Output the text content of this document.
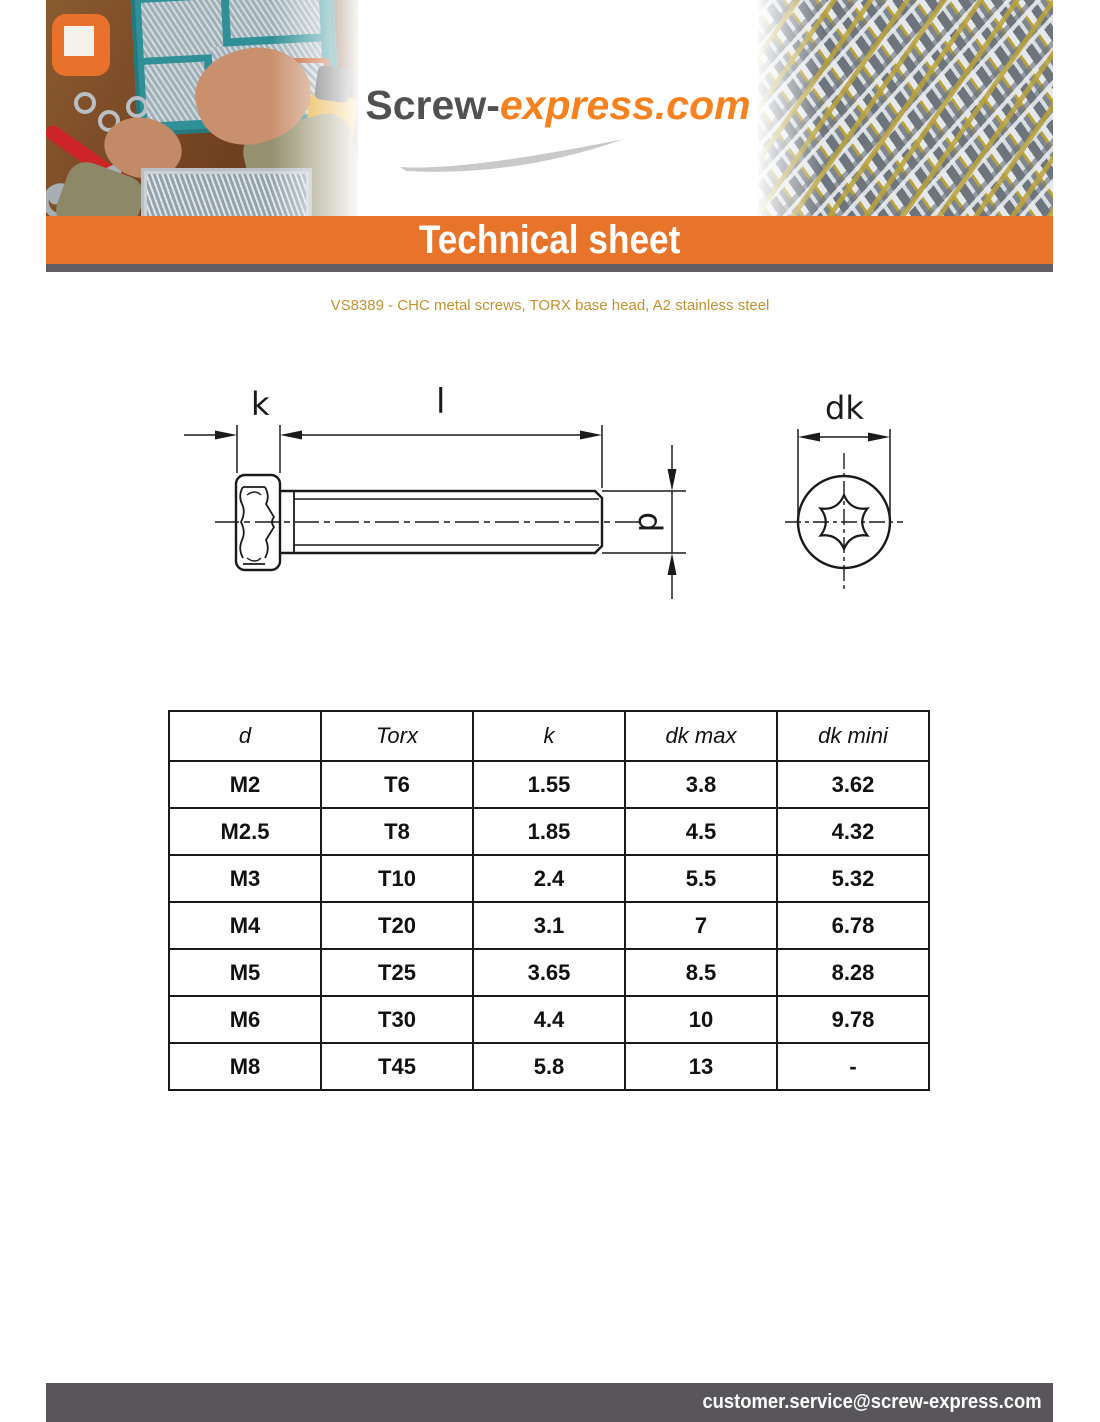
Screw-express.com
Technical sheet
VS8389 - CHC metal screws, TORX base head, A2 stainless steel
k	l
d
dk
d	Torx	k	dk max	dk mini
M2	T6	1.55	3.8	3.62
M2.5	T8	1.85	4.5	4.32
M3	T10	2.4	5.5	5.32
M4	T20	3.1	7	6.78
M5	T25	3.65	8.5	8.28
M6	T30	4.4	10	9.78
M8	T45	5.8	13	-
customer.service@screw-express.com
